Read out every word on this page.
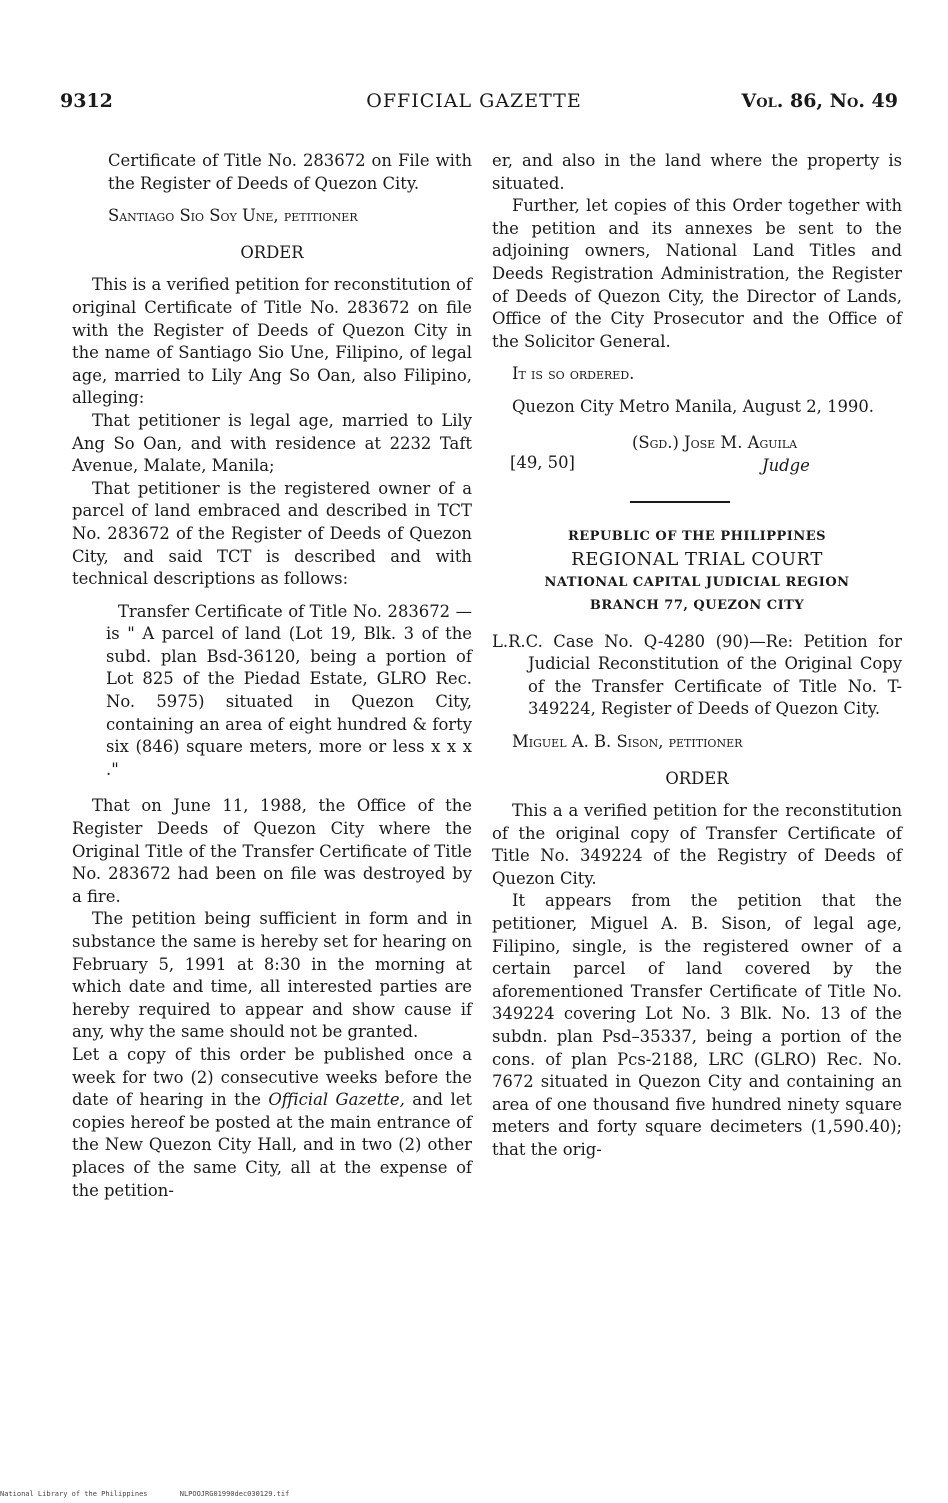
9312	OFFICIAL GAZETTE	Vol. 86, No. 49

Certificate of Title No. 283672 on File with the Register of Deeds of Quezon City.

Santiago Sio Soy Une, petitioner

ORDER

This is a verified petition for reconstitution of original Certificate of Title No. 283672 on file with the Register of Deeds of Quezon City in the name of Santiago Sio Une, Filipino, of legal age, married to Lily Ang So Oan, also Filipino, alleging:

That petitioner is legal age, married to Lily Ang So Oan, and with residence at 2232 Taft Avenue, Malate, Manila;

That petitioner is the registered owner of a parcel of land embraced and described in TCT No. 283672 of the Register of Deeds of Quezon City, and said TCT is described and with technical descriptions as follows:

Transfer Certificate of Title No. 283672 —is " A parcel of land (Lot 19, Blk. 3 of the subd. plan Bsd-36120, being a portion of Lot 825 of the Piedad Estate, GLRO Rec. No. 5975) situated in Quezon City, containing an area of eight hundred & forty six (846) square meters, more or less x x x ."

That on June 11, 1988, the Office of the Register Deeds of Quezon City where the Original Title of the Transfer Certificate of Title No. 283672 had been on file was destroyed by a fire.

The petition being sufficient in form and in substance the same is hereby set for hearing on February 5, 1991 at 8:30 in the morning at which date and time, all interested parties are hereby required to appear and show cause if any, why the same should not be granted.

Let a copy of this order be published once a week for two (2) consecutive weeks before the date of hearing in the Official Gazette, and let copies hereof be posted at the main entrance of the New Quezon City Hall, and in two (2) other places of the same City, all at the expense of the petition-

er, and also in the land where the property is situated.

Further, let copies of this Order together with the petition and its annexes be sent to the adjoining owners, National Land Titles and Deeds Registration Administration, the Register of Deeds of Quezon City, the Director of Lands, Office of the City Prosecutor and the Office of the Solicitor General.

It is so ordered.

Quezon City Metro Manila, August 2, 1990.

[49, 50]
(Sgd.) Jose M. Aguila
Judge

REPUBLIC OF THE PHILIPPINES

REGIONAL TRIAL COURT

NATIONAL CAPITAL JUDICIAL REGION

BRANCH 77, QUEZON CITY

L.R.C. Case No. Q-4280 (90)—Re: Petition for Judicial Reconstitution of the Original Copy of the Transfer Certificate of Title No. T-349224, Register of Deeds of Quezon City.

Miguel A. B. Sison, petitioner

ORDER

This a a verified petition for the reconstitution of the original copy of Transfer Certificate of Title No. 349224 of the Registry of Deeds of Quezon City.

It appears from the petition that the petitioner, Miguel A. B. Sison, of legal age, Filipino, single, is the registered owner of a certain parcel of land covered by the aforementioned Transfer Certificate of Title No. 349224 covering Lot No. 3 Blk. No. 13 of the subdn. plan Psd–35337, being a portion of the cons. of plan Pcs-2188, LRC (GLRO) Rec. No. 7672 situated in Quezon City and containing an area of one thousand five hundred ninety square meters and forty square decimeters (1,590.40); that the orig-

National Library of the Philippines	NLPOOJRG01990dec030129.tif
